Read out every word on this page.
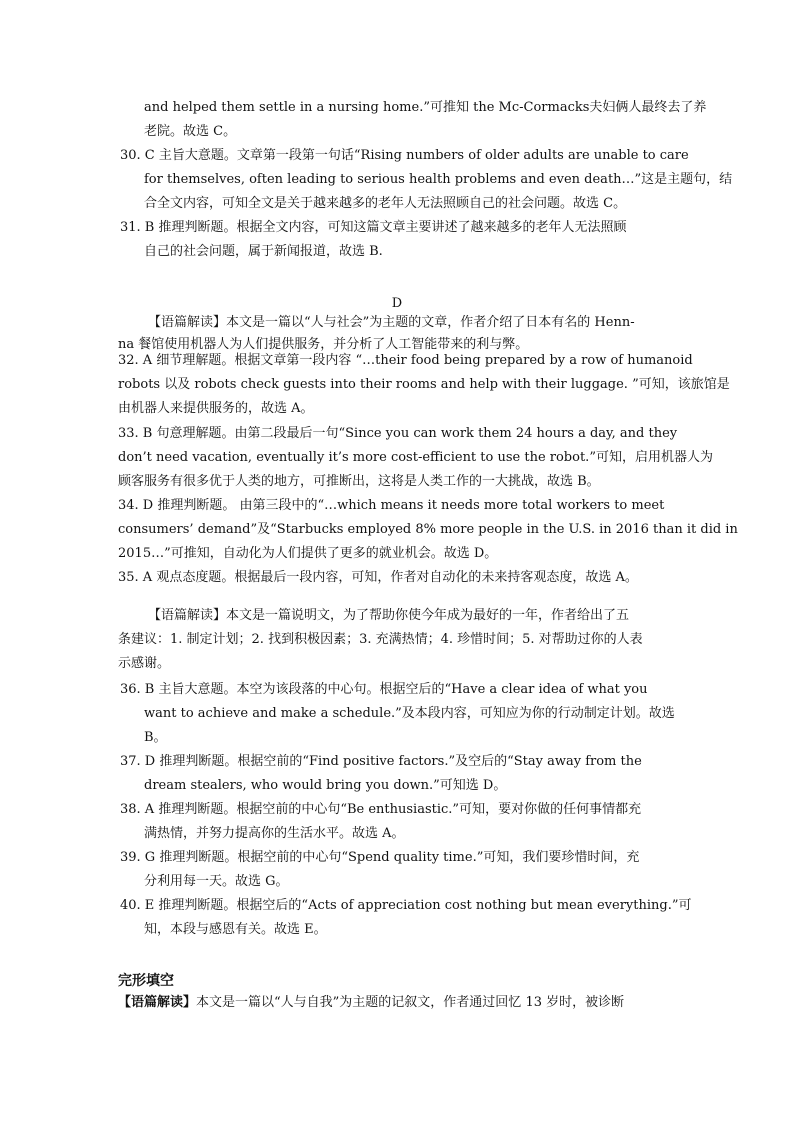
and helped them settle in a nursing home.”可推知 the Mc-Cormacks夫妇俩人最终去了养
老院。故选 C。
30. C 主旨大意题。文章第一段第一句话“Rising numbers of older adults are unable to care
for themselves, often leading to serious health problems and even death…”这是主题句，结
合全文内容，可知全文是关于越来越多的老年人无法照顾自己的社会问题。故选 C。
31. B 推理判断题。根据全文内容，可知这篇文章主要讲述了越来越多的老年人无法照顾
自己的社会问题，属于新闻报道，故选 B.
D
【语篇解读】本文是一篇以“人与社会”为主题的文章，作者介绍了日本有名的 Henn-
na 餐馆使用机器人为人们提供服务，并分析了人工智能带来的利与弊。
32. A 细节理解题。根据文章第一段内容 “…their food being prepared by a row of humanoid
robots 以及 robots check guests into their rooms and help with their luggage. ”可知，该旅馆是
由机器人来提供服务的，故选 A。
33. B 句意理解题。由第二段最后一句“Since you can work them 24 hours a day, and they
don’t need vacation, eventually it’s more cost-efficient to use the robot.”可知，启用机器人为
顾客服务有很多优于人类的地方，可推断出，这将是人类工作的一大挑战，故选 B。
34. D 推理判断题。 由第三段中的“…which means it needs more total workers to meet
consumers’ demand”及“Starbucks employed 8% more people in the U.S. in 2016 than it did in
2015…”可推知，自动化为人们提供了更多的就业机会。故选 D。
35. A 观点态度题。根据最后一段内容，可知，作者对自动化的未来持客观态度，故选 A。
【语篇解读】本文是一篇说明文，为了帮助你使今年成为最好的一年，作者给出了五
条建议：1. 制定计划；2. 找到积极因素；3. 充满热情；4. 珍惜时间；5. 对帮助过你的人表
示感谢。
36. B 主旨大意题。本空为该段落的中心句。根据空后的“Have a clear idea of what you
want to achieve and make a schedule.”及本段内容，可知应为你的行动制定计划。故选
B。
37. D 推理判断题。根据空前的“Find positive factors.”及空后的“Stay away from the
dream stealers, who would bring you down.”可知选 D。
38. A 推理判断题。根据空前的中心句“Be enthusiastic.”可知，要对你做的任何事情都充
满热情，并努力提高你的生活水平。故选 A。
39. G 推理判断题。根据空前的中心句“Spend quality time.”可知，我们要珍惜时间，充
分利用每一天。故选 G。
40. E 推理判断题。根据空后的“Acts of appreciation cost nothing but mean everything.”可
知，本段与感恩有关。故选 E。
完形填空
【语篇解读】本文是一篇以“人与自我”为主题的记叙文，作者通过回忆 13 岁时，被诊断
